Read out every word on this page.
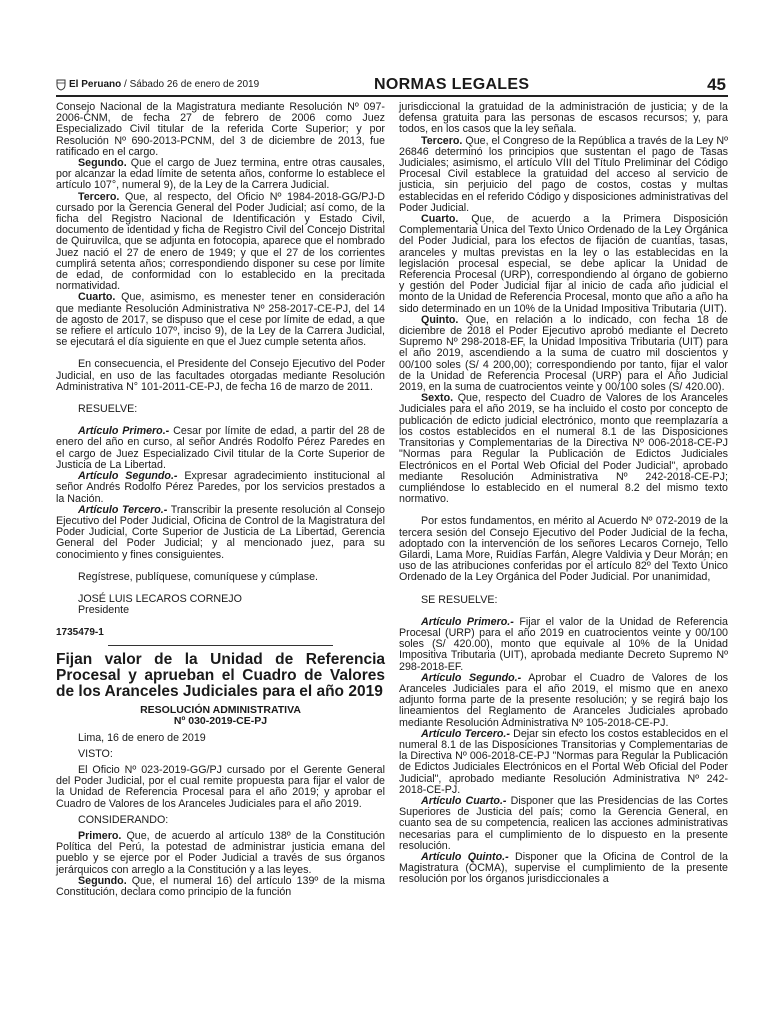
El Peruano / Sábado 26 de enero de 2019	NORMAS LEGALES	45

Consejo Nacional de la Magistratura mediante Resolución Nº 097-2006-CNM, de fecha 27 de febrero de 2006 como Juez Especializado Civil titular de la referida Corte Superior; y por Resolución Nº 690-2013-PCNM, del 3 de diciembre de 2013, fue ratificado en el cargo.

Segundo. Que el cargo de Juez termina, entre otras causales, por alcanzar la edad límite de setenta años, conforme lo establece el artículo 107°, numeral 9), de la Ley de la Carrera Judicial.

Tercero. Que, al respecto, del Oficio Nº 1984-2018-GG/PJ-D cursado por la Gerencia General del Poder Judicial; así como, de la ficha del Registro Nacional de Identificación y Estado Civil, documento de identidad y ficha de Registro Civil del Concejo Distrital de Quiruvilca, que se adjunta en fotocopia, aparece que el nombrado Juez nació el 27 de enero de 1949; y que el 27 de los corrientes cumplirá setenta años; correspondiendo disponer su cese por límite de edad, de conformidad con lo establecido en la precitada normatividad.

Cuarto. Que, asimismo, es menester tener en consideración que mediante Resolución Administrativa Nº 258-2017-CE-PJ, del 14 de agosto de 2017, se dispuso que el cese por límite de edad, a que se refiere el artículo 107º, inciso 9), de la Ley de la Carrera Judicial, se ejecutará el día siguiente en que el Juez cumple setenta años.

En consecuencia, el Presidente del Consejo Ejecutivo del Poder Judicial, en uso de las facultades otorgadas mediante Resolución Administrativa N° 101-2011-CE-PJ, de fecha 16 de marzo de 2011.

RESUELVE:

Artículo Primero.- Cesar por límite de edad, a partir del 28 de enero del año en curso, al señor Andrés Rodolfo Pérez Paredes en el cargo de Juez Especializado Civil titular de la Corte Superior de Justicia de La Libertad.

Artículo Segundo.- Expresar agradecimiento institucional al señor Andrés Rodolfo Pérez Paredes, por los servicios prestados a la Nación.

Artículo Tercero.- Transcribir la presente resolución al Consejo Ejecutivo del Poder Judicial, Oficina de Control de la Magistratura del Poder Judicial, Corte Superior de Justicia de La Libertad, Gerencia General del Poder Judicial; y al mencionado juez, para su conocimiento y fines consiguientes.

Regístrese, publíquese, comuníquese y cúmplase.

JOSÉ LUIS LECAROS CORNEJO

Presidente

1735479-1

Fijan valor de la Unidad de Referencia Procesal y aprueban el Cuadro de Valores de los Aranceles Judiciales para el año 2019

RESOLUCIÓN ADMINISTRATIVA

Nº 030-2019-CE-PJ

Lima, 16 de enero de 2019

VISTO:

El Oficio Nº 023-2019-GG/PJ cursado por el Gerente General del Poder Judicial, por el cual remite propuesta para fijar el valor de la Unidad de Referencia Procesal para el año 2019; y aprobar el Cuadro de Valores de los Aranceles Judiciales para el año 2019.

CONSIDERANDO:

Primero. Que, de acuerdo al artículo 138º de la Constitución Política del Perú, la potestad de administrar justicia emana del pueblo y se ejerce por el Poder Judicial a través de sus órganos jerárquicos con arreglo a la Constitución y a las leyes.

Segundo. Que, el numeral 16) del artículo 139º de la misma Constitución, declara como principio de la función

jurisdiccional la gratuidad de la administración de justicia; y de la defensa gratuita para las personas de escasos recursos; y, para todos, en los casos que la ley señala.

Tercero. Que, el Congreso de la República a través de la Ley Nº 26846 determinó los principios que sustentan el pago de Tasas Judiciales; asimismo, el artículo VIII del Título Preliminar del Código Procesal Civil establece la gratuidad del acceso al servicio de justicia, sin perjuicio del pago de costos, costas y multas establecidas en el referido Código y disposiciones administrativas del Poder Judicial.

Cuarto. Que, de acuerdo a la Primera Disposición Complementaria Única del Texto Único Ordenado de la Ley Orgánica del Poder Judicial, para los efectos de fijación de cuantías, tasas, aranceles y multas previstas en la ley o las establecidas en la legislación procesal especial, se debe aplicar la Unidad de Referencia Procesal (URP), correspondiendo al órgano de gobierno y gestión del Poder Judicial fijar al inicio de cada año judicial el monto de la Unidad de Referencia Procesal, monto que año a año ha sido determinado en un 10% de la Unidad Impositiva Tributaria (UIT).

Quinto. Que, en relación a lo indicado, con fecha 18 de diciembre de 2018 el Poder Ejecutivo aprobó mediante el Decreto Supremo Nº 298-2018-EF, la Unidad Impositiva Tributaria (UIT) para el año 2019, ascendiendo a la suma de cuatro mil doscientos y 00/100 soles (S/ 4 200,00); correspondiendo por tanto, fijar el valor de la Unidad de Referencia Procesal (URP) para el Año Judicial 2019, en la suma de cuatrocientos veinte y 00/100 soles (S/ 420.00).

Sexto. Que, respecto del Cuadro de Valores de los Aranceles Judiciales para el año 2019, se ha incluido el costo por concepto de publicación de edicto judicial electrónico, monto que reemplazaría a los costos establecidos en el numeral 8.1 de las Disposiciones Transitorias y Complementarias de la Directiva Nº 006-2018-CE-PJ "Normas para Regular la Publicación de Edictos Judiciales Electrónicos en el Portal Web Oficial del Poder Judicial", aprobado mediante Resolución Administrativa Nº 242-2018-CE-PJ; cumpliéndose lo establecido en el numeral 8.2 del mismo texto normativo.

Por estos fundamentos, en mérito al Acuerdo Nº 072-2019 de la tercera sesión del Consejo Ejecutivo del Poder Judicial de la fecha, adoptado con la intervención de los señores Lecaros Cornejo, Tello Gilardi, Lama More, Ruidías Farfán, Alegre Valdivia y Deur Morán; en uso de las atribuciones conferidas por el artículo 82º del Texto Único Ordenado de la Ley Orgánica del Poder Judicial. Por unanimidad,

SE RESUELVE:

Artículo Primero.- Fijar el valor de la Unidad de Referencia Procesal (URP) para el año 2019 en cuatrocientos veinte y 00/100 soles (S/ 420.00), monto que equivale al 10% de la Unidad Impositiva Tributaria (UIT), aprobada mediante Decreto Supremo Nº 298-2018-EF.

Artículo Segundo.- Aprobar el Cuadro de Valores de los Aranceles Judiciales para el año 2019, el mismo que en anexo adjunto forma parte de la presente resolución; y se regirá bajo los lineamientos del Reglamento de Aranceles Judiciales aprobado mediante Resolución Administrativa Nº 105-2018-CE-PJ.

Artículo Tercero.- Dejar sin efecto los costos establecidos en el numeral 8.1 de las Disposiciones Transitorias y Complementarias de la Directiva Nº 006-2018-CE-PJ "Normas para Regular la Publicación de Edictos Judiciales Electrónicos en el Portal Web Oficial del Poder Judicial", aprobado mediante Resolución Administrativa Nº 242-2018-CE-PJ.

Artículo Cuarto.- Disponer que las Presidencias de las Cortes Superiores de Justicia del país; como la Gerencia General, en cuanto sea de su competencia, realicen las acciones administrativas necesarias para el cumplimiento de lo dispuesto en la presente resolución.

Artículo Quinto.- Disponer que la Oficina de Control de la Magistratura (OCMA), supervise el cumplimiento de la presente resolución por los órganos jurisdiccionales a
